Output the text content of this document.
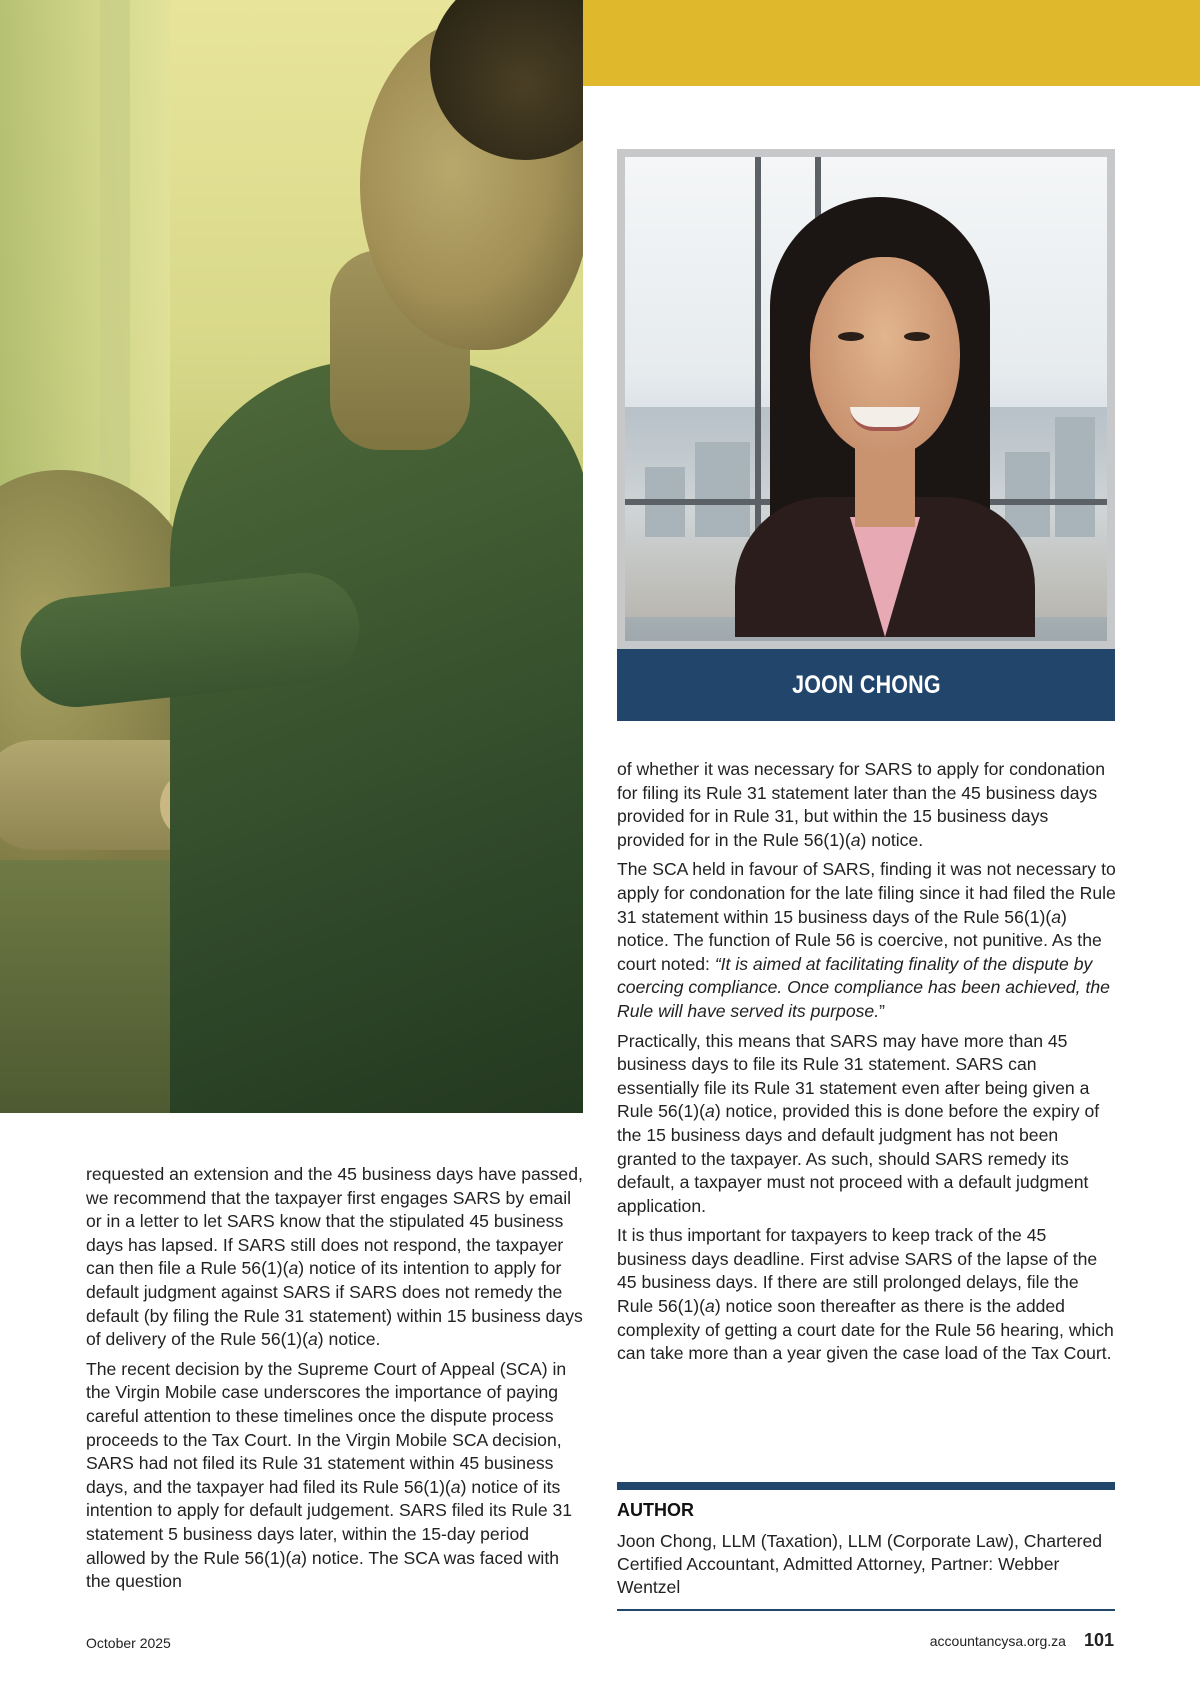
JOON CHONG

requested an extension and the 45 business days have passed, we recommend that the taxpayer first engages SARS by email or in a letter to let SARS know that the stipulated 45 business days has lapsed. If SARS still does not respond, the taxpayer can then file a Rule 56(1)(a) notice of its intention to apply for default judgment against SARS if SARS does not remedy the default (by filing the Rule 31 statement) within 15 business days of delivery of the Rule 56(1)(a) notice.

The recent decision by the Supreme Court of Appeal (SCA) in the Virgin Mobile case underscores the importance of paying careful attention to these timelines once the dispute process proceeds to the Tax Court. In the Virgin Mobile SCA decision, SARS had not filed its Rule 31 statement within 45 business days, and the taxpayer had filed its Rule 56(1)(a) notice of its intention to apply for default judgement. SARS filed its Rule 31 statement 5 business days later, within the 15-day period allowed by the Rule 56(1)(a) notice. The SCA was faced with the question

of whether it was necessary for SARS to apply for condonation for filing its Rule 31 statement later than the 45 business days provided for in Rule 31, but within the 15 business days provided for in the Rule 56(1)(a) notice.

The SCA held in favour of SARS, finding it was not necessary to apply for condonation for the late filing since it had filed the Rule 31 statement within 15 business days of the Rule 56(1)(a) notice. The function of Rule 56 is coercive, not punitive. As the court noted: “It is aimed at facilitating finality of the dispute by coercing compliance. Once compliance has been achieved, the Rule will have served its purpose.”

Practically, this means that SARS may have more than 45 business days to file its Rule 31 statement. SARS can essentially file its Rule 31 statement even after being given a Rule 56(1)(a) notice, provided this is done before the expiry of the 15 business days and default judgment has not been granted to the taxpayer. As such, should SARS remedy its default, a taxpayer must not proceed with a default judgment application.

It is thus important for taxpayers to keep track of the 45 business days deadline. First advise SARS of the lapse of the 45 business days. If there are still prolonged delays, file the Rule 56(1)(a) notice soon thereafter as there is the added complexity of getting a court date for the Rule 56 hearing, which can take more than a year given the case load of the Tax Court.

AUTHOR
Joon Chong, LLM (Taxation), LLM (Corporate Law), Chartered Certified Accountant, Admitted Attorney, Partner: Webber Wentzel
October 2025	accountancysa.org.za 101
